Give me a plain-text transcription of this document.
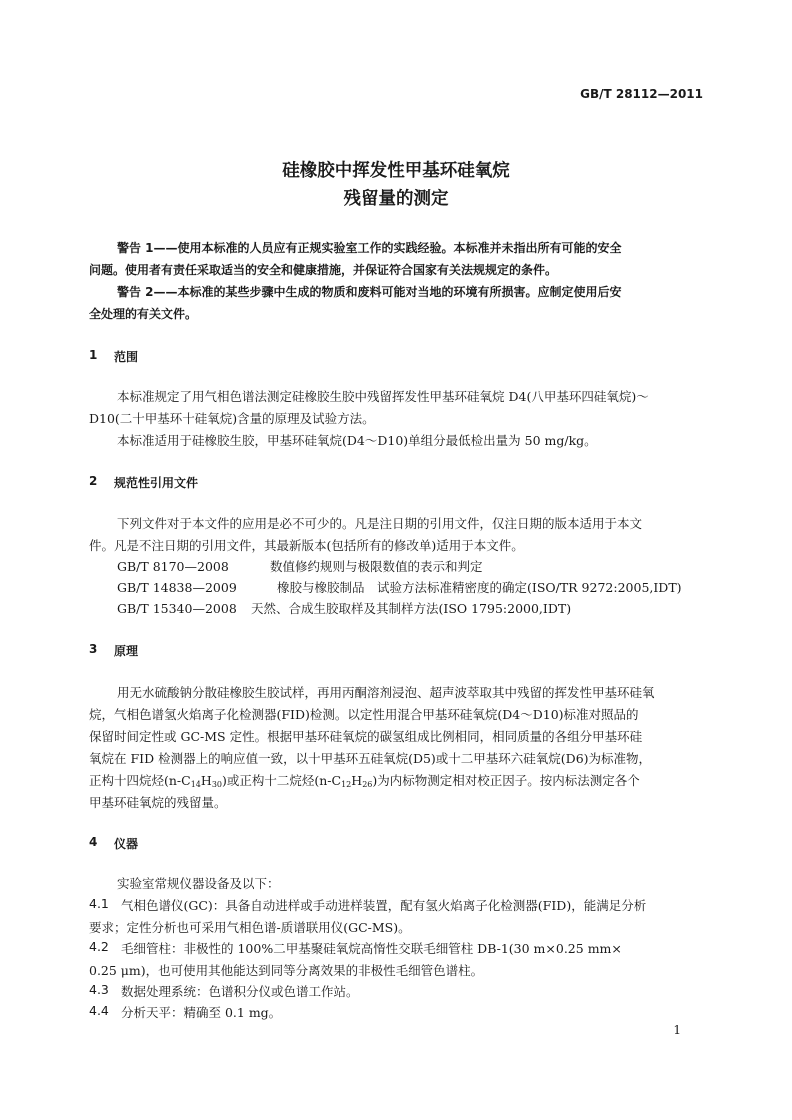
GB/T 28112—2011
硅橡胶中挥发性甲基环硅氧烷
残留量的测定
警告 1——使用本标准的人员应有正规实验室工作的实践经验。本标准并未指出所有可能的安全
问题。使用者有责任采取适当的安全和健康措施，并保证符合国家有关法规规定的条件。
警告 2——本标准的某些步骤中生成的物质和废料可能对当地的环境有所损害。应制定使用后安
全处理的有关文件。
1 范围
本标准规定了用气相色谱法测定硅橡胶生胶中残留挥发性甲基环硅氧烷 D4(八甲基环四硅氧烷)～
D10(二十甲基环十硅氧烷)含量的原理及试验方法。
本标准适用于硅橡胶生胶，甲基环硅氧烷(D4～D10)单组分最低检出量为 50 mg/kg。
2 规范性引用文件
下列文件对于本文件的应用是必不可少的。凡是注日期的引用文件，仅注日期的版本适用于本文
件。凡是不注日期的引用文件，其最新版本(包括所有的修改单)适用于本文件。
GB/T 8170—2008	数值修约规则与极限数值的表示和判定
GB/T 14838—2009	橡胶与橡胶制品　试验方法标准精密度的确定(ISO/TR 9272:2005,IDT)
GB/T 15340—2008 天然、合成生胶取样及其制样方法(ISO 1795:2000,IDT)
3 原理
用无水硫酸钠分散硅橡胶生胶试样，再用丙酮溶剂浸泡、超声波萃取其中残留的挥发性甲基环硅氧
烷，气相色谱氢火焰离子化检测器(FID)检测。以定性用混合甲基环硅氧烷(D4～D10)标准对照品的
保留时间定性或 GC-MS 定性。根据甲基环硅氧烷的碳氢组成比例相同，相同质量的各组分甲基环硅
氧烷在 FID 检测器上的响应值一致，以十甲基环五硅氧烷(D5)或十二甲基环六硅氧烷(D6)为标准物，
正构十四烷烃$(n-C_{14}H_{30})$或正构十二烷烃$(n-C_{12}H_{26})$为内标物测定相对校正因子。按内标法测定各个
甲基环硅氧烷的残留量。
4 仪器
实验室常规仪器设备及以下：
4.1 气相色谱仪(GC)：具备自动进样或手动进样装置，配有氢火焰离子化检测器(FID)，能满足分析
要求；定性分析也可采用气相色谱-质谱联用仪(GC-MS)。
4.2 毛细管柱：非极性的 100%二甲基聚硅氧烷高惰性交联毛细管柱 DB-1(30 m×0.25 mm×
0.25 μm)，也可使用其他能达到同等分离效果的非极性毛细管色谱柱。
4.3 数据处理系统：色谱积分仪或色谱工作站。
4.4 分析天平：精确至 0.1 mg。
1
